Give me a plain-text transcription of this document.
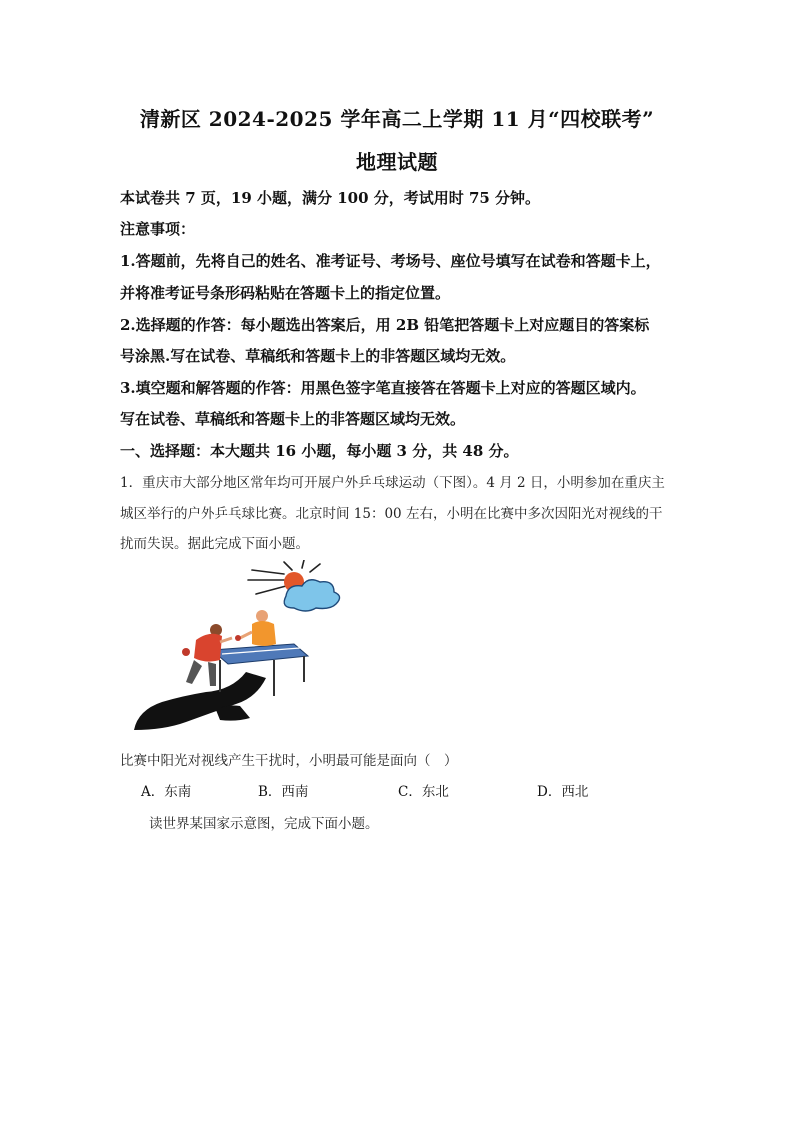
清新区 2024-2025 学年高二上学期 11 月“四校联考”
地理试题
本试卷共 7 页，19 小题，满分 100 分，考试用时 75 分钟。
注意事项：
1.答题前，先将自己的姓名、准考证号、考场号、座位号填写在试卷和答题卡上，
并将准考证号条形码粘贴在答题卡上的指定位置。
2.选择题的作答：每小题选出答案后，用 2B 铅笔把答题卡上对应题目的答案标
号涂黑.写在试卷、草稿纸和答题卡上的非答题区域均无效。
3.填空题和解答题的作答：用黑色签字笔直接答在答题卡上对应的答题区域内。
写在试卷、草稿纸和答题卡上的非答题区域均无效。
一、选择题：本大题共 16 小题，每小题 3 分，共 48 分。
1．重庆市大部分地区常年均可开展户外乒乓球运动（下图）。4 月 2 日，小明参加在重庆主
城区举行的户外乒乓球比赛。北京时间 15：00 左右，小明在比赛中多次因阳光对视线的干
扰而失误。据此完成下面小题。
比赛中阳光对视线产生干扰时，小明最可能是面向（　）
A．东南	B．西南	C．东北	D．西北
读世界某国家示意图，完成下面小题。
